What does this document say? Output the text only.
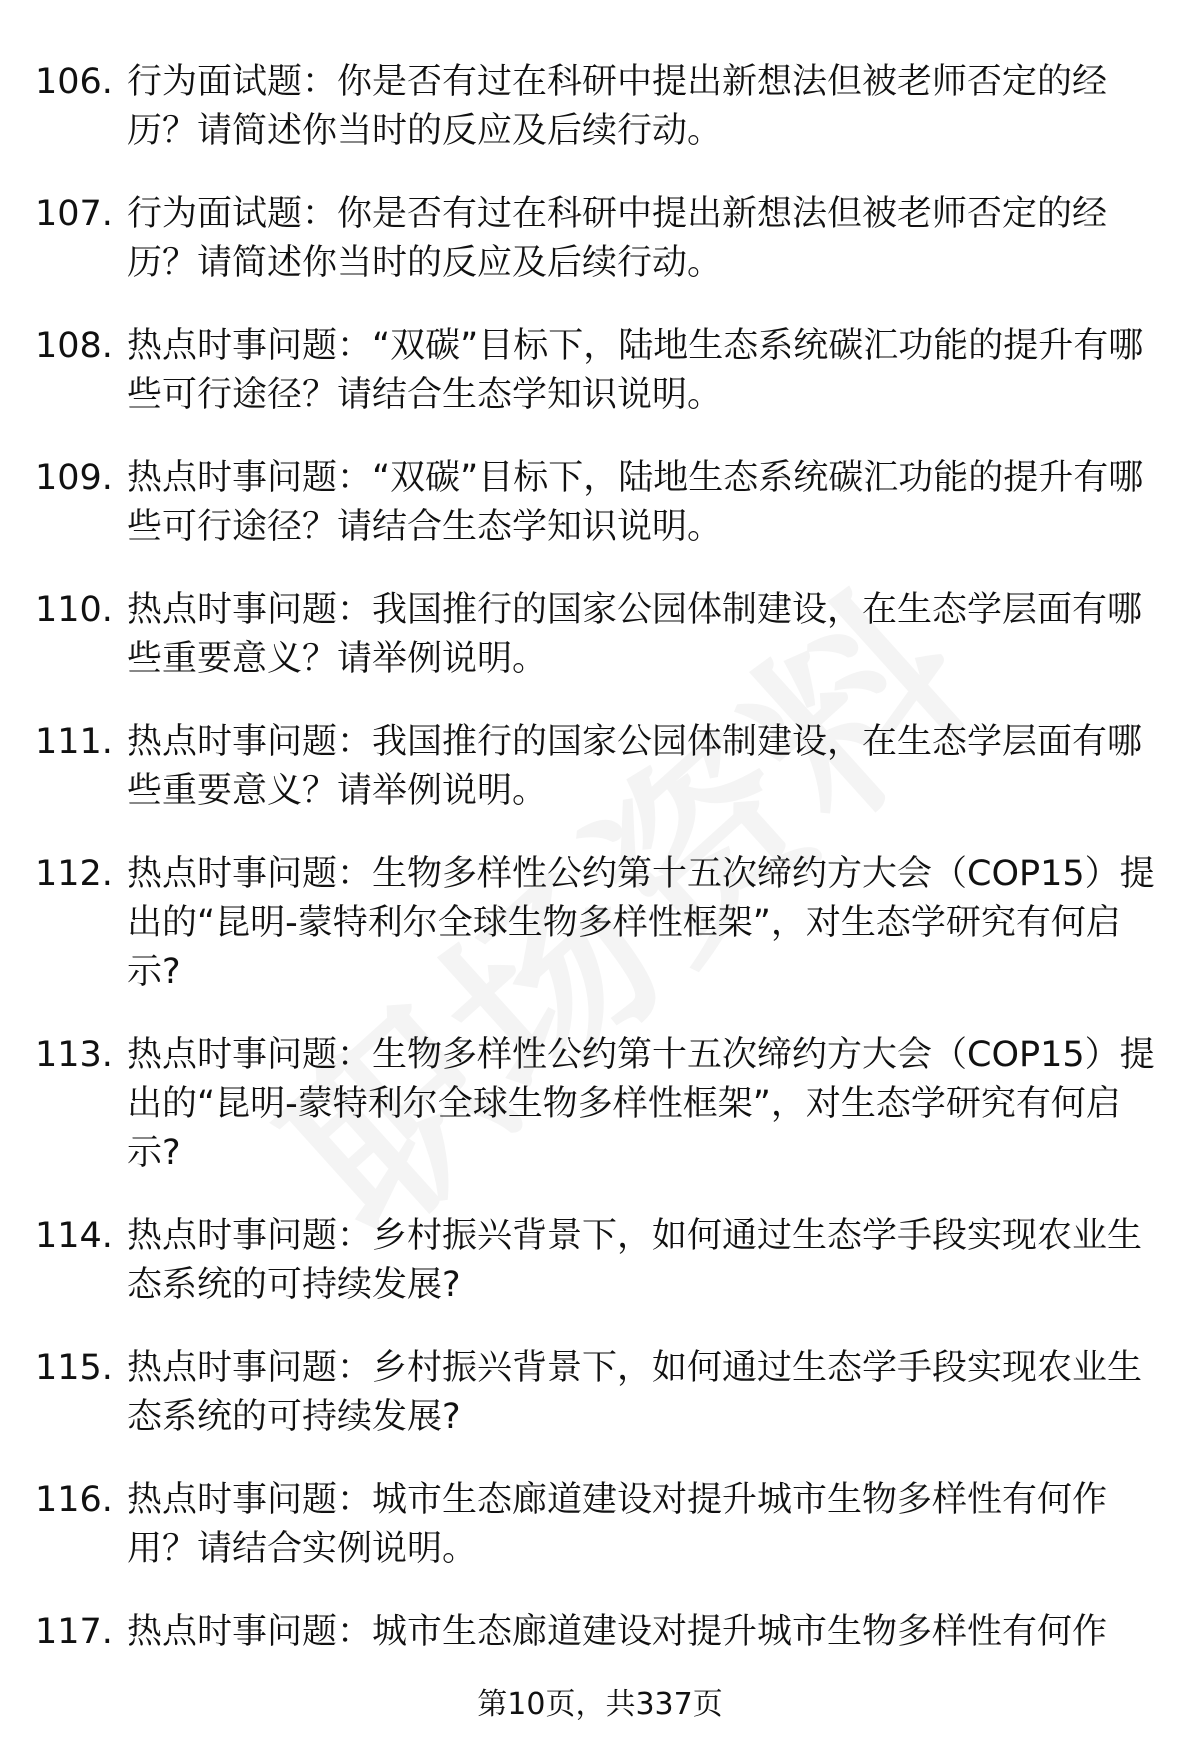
106. 行为面试题：你是否有过在科研中提出新想法但被老师否定的经历？请简述你当时的反应及后续行动。
107. 行为面试题：你是否有过在科研中提出新想法但被老师否定的经历？请简述你当时的反应及后续行动。
108. 热点时事问题：“双碳”目标下，陆地生态系统碳汇功能的提升有哪些可行途径？请结合生态学知识说明。
109. 热点时事问题：“双碳”目标下，陆地生态系统碳汇功能的提升有哪些可行途径？请结合生态学知识说明。
110. 热点时事问题：我国推行的国家公园体制建设，在生态学层面有哪些重要意义？请举例说明。
111. 热点时事问题：我国推行的国家公园体制建设，在生态学层面有哪些重要意义？请举例说明。
112. 热点时事问题：生物多样性公约第十五次缔约方大会（COP15）提出的“昆明-蒙特利尔全球生物多样性框架”，对生态学研究有何启示?
113. 热点时事问题：生物多样性公约第十五次缔约方大会（COP15）提出的“昆明-蒙特利尔全球生物多样性框架”，对生态学研究有何启示?
114. 热点时事问题：乡村振兴背景下，如何通过生态学手段实现农业生态系统的可持续发展?
115. 热点时事问题：乡村振兴背景下，如何通过生态学手段实现农业生态系统的可持续发展?
116. 热点时事问题：城市生态廊道建设对提升城市生物多样性有何作用？请结合实例说明。
117. 热点时事问题：城市生态廊道建设对提升城市生物多样性有何作
第10页，共337页
